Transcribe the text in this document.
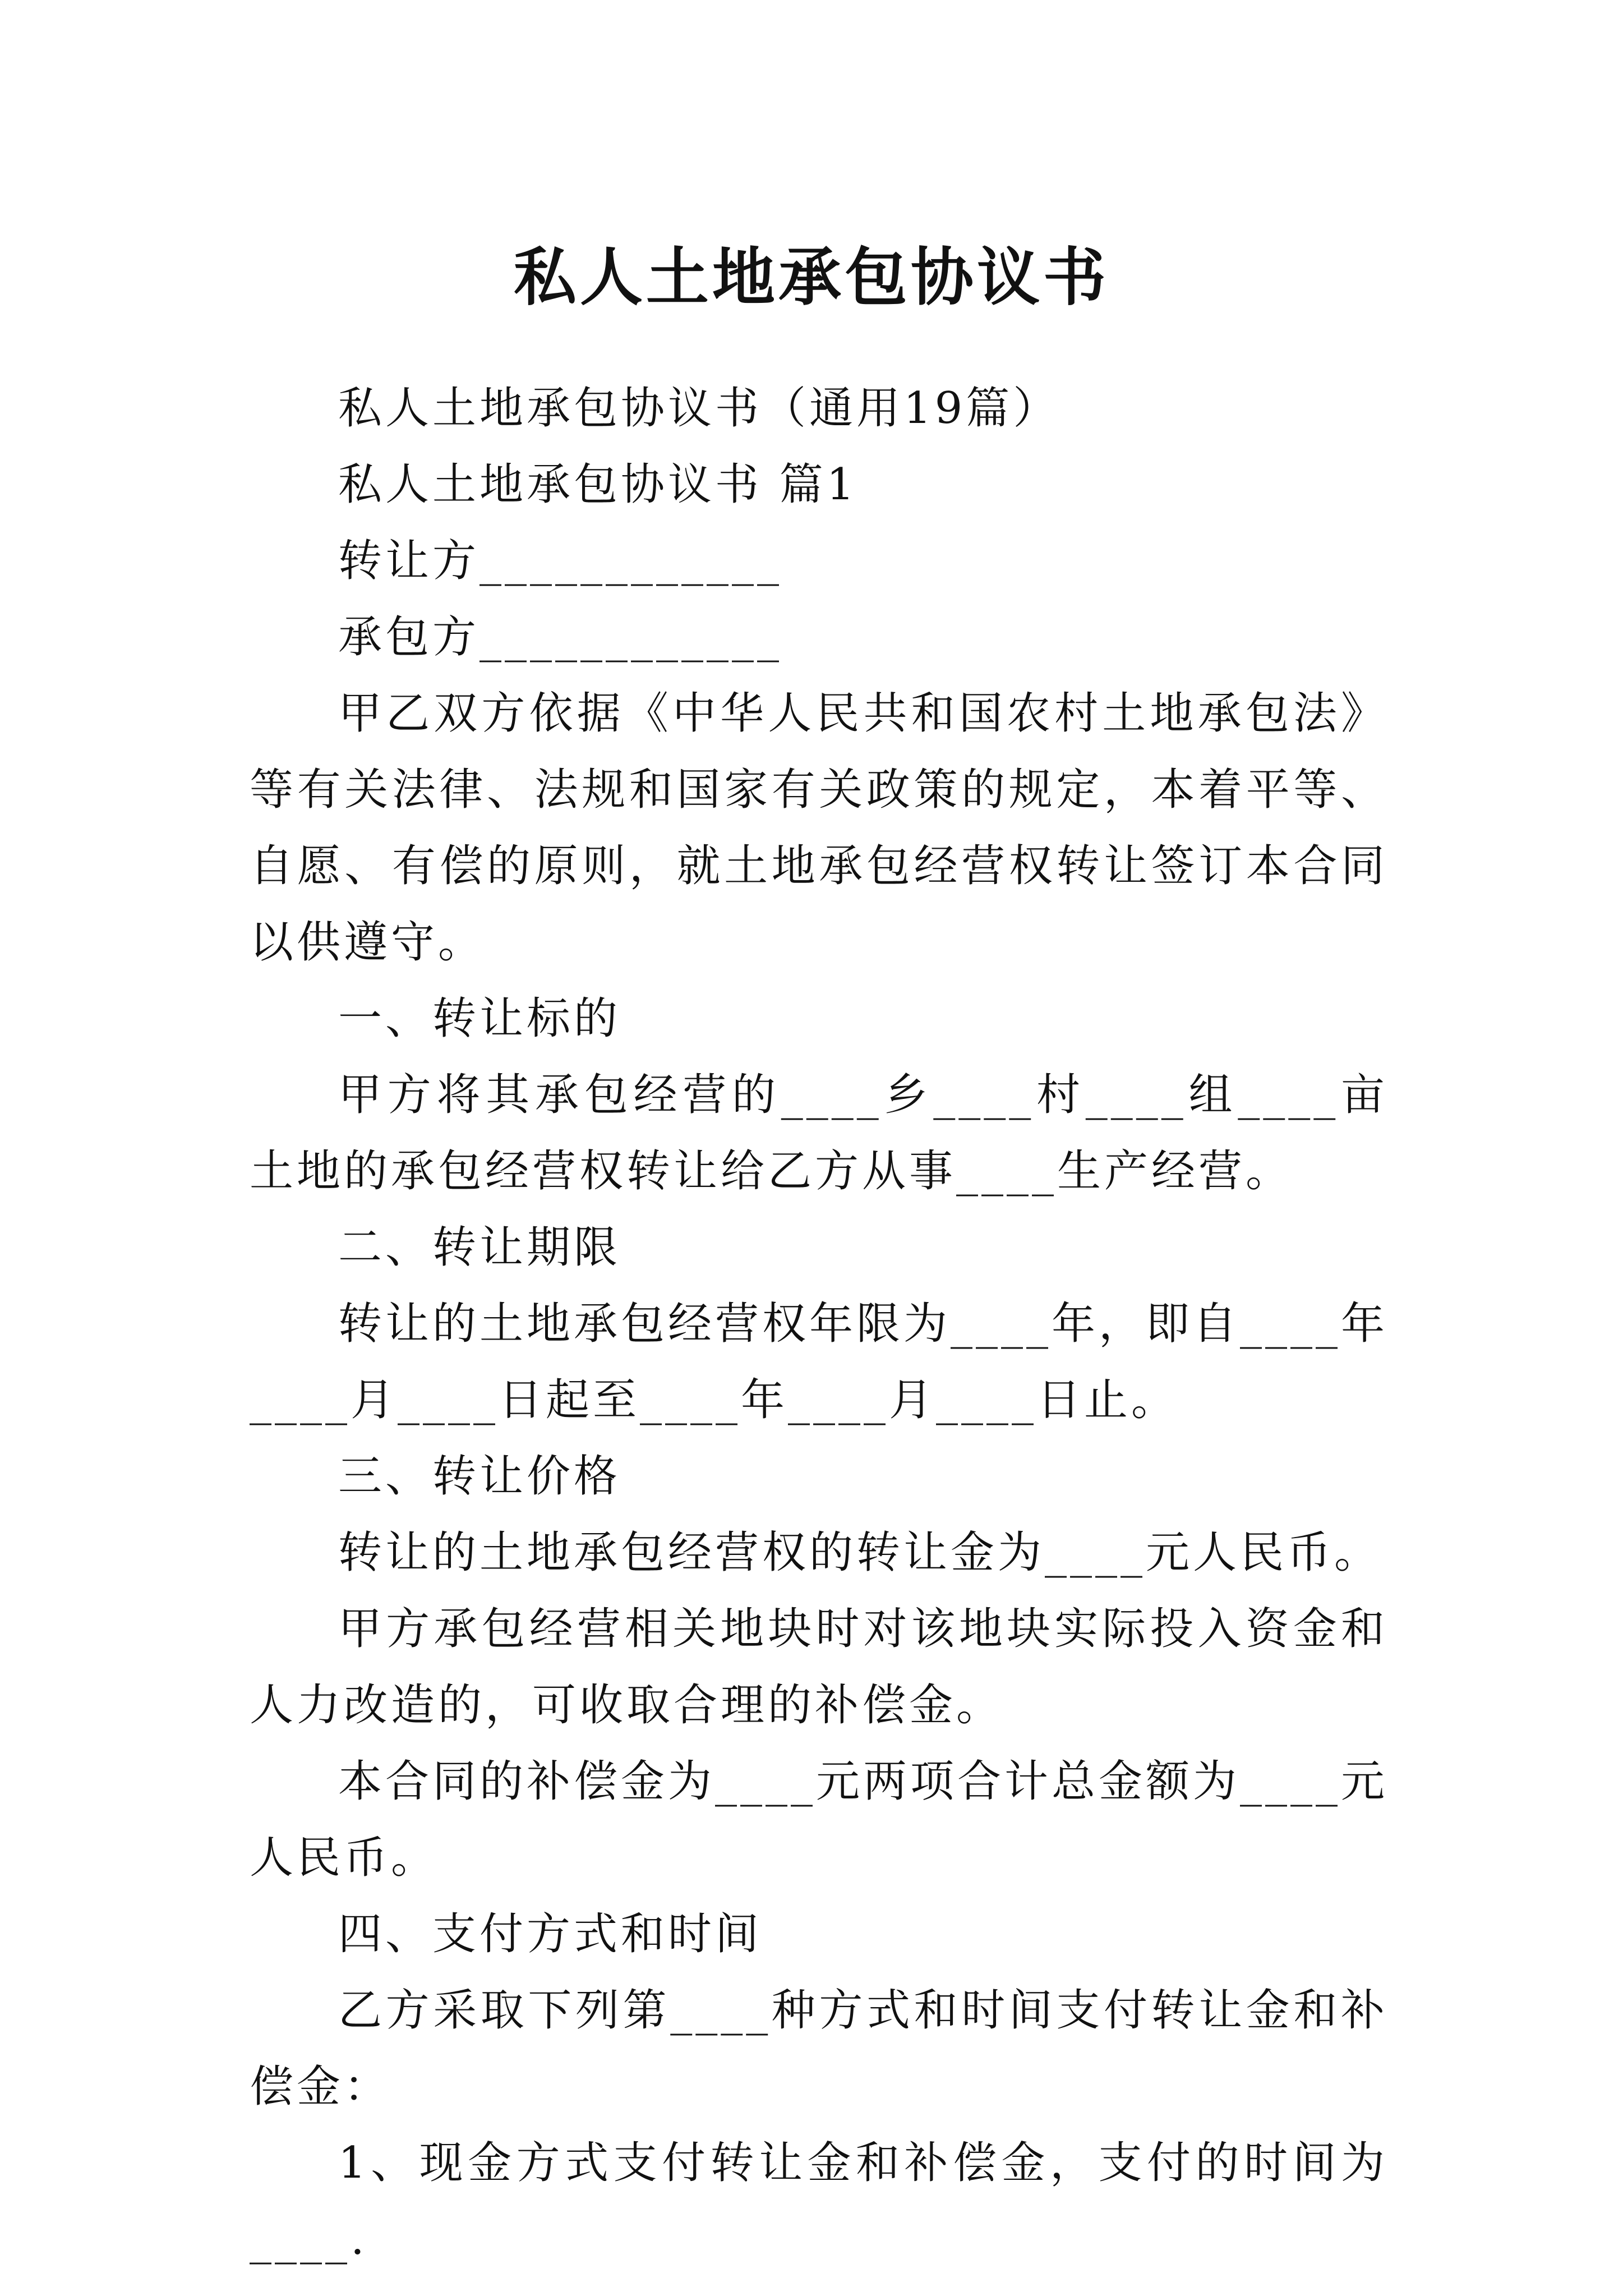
私人土地承包协议书

私人土地承包协议书（通用19篇）

私人土地承包协议书 篇1

转让方____________

承包方____________

甲乙双方依据《中华人民共和国农村土地承包法》等有关法律、法规和国家有关政策的规定，本着平等、自愿、有偿的原则，就土地承包经营权转让签订本合同以供遵守。

一、转让标的

甲方将其承包经营的____乡____村____组____亩土地的承包经营权转让给乙方从事____生产经营。

二、转让期限

转让的土地承包经营权年限为____年，即自____年____月____日起至____年____月____日止。

三、转让价格

转让的土地承包经营权的转让金为____元人民币。

甲方承包经营相关地块时对该地块实际投入资金和人力改造的，可收取合理的补偿金。

本合同的补偿金为____元两项合计总金额为____元人民币。

四、支付方式和时间

乙方采取下列第____种方式和时间支付转让金和补偿金：

1、现金方式支付转让金和补偿金，支付的时间为____.
